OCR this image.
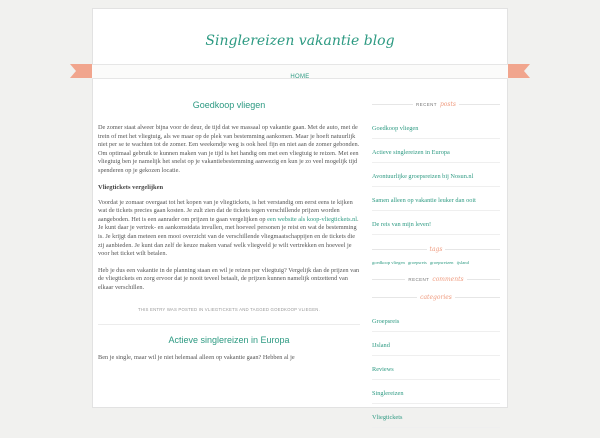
Singlereizen vakantie blog
HOME
Goedkoop vliegen

De zomer staat alweer bijna voor de deur, de tijd dat we massaal op vakantie gaan. Met de auto, met de trein of met het vliegtuig, als we maar op de plek van bestemming aankomen. Maar je hoeft natuurlijk niet per se te wachten tot de zomer. Een weekendje weg is ook heel fijn en niet aan de zomer gebonden. Om optimaal gebruik te kunnen maken van je tijd is het handig om met een vliegtuig te reizen. Met een vliegtuig ben je namelijk het snelst op je vakantiebestemming aanwezig en kun je zo veel mogelijk tijd spenderen op je gekozen locatie.

Vliegtickets vergelijken

Voordat je zomaar overgaat tot het kopen van je vliegtickets, is het verstandig om eerst eens te kijken wat de tickets precies gaan kosten. Je zult zien dat de tickets tegen verschillende prijzen worden aangeboden. Het is een aanrader om prijzen te gaan vergelijken op een website als koop-vliegtickets.nl. Je kunt daar je vertrek- en aankomstdata invullen, met hoeveel personen je reist en wat de bestemming is. Je krijgt dan meteen een mooi overzicht van de verschillende vliegmaatschappijen en de tickets die zij aanbieden. Je kunt dan zelf de keuze maken vanaf welk vliegveld je wilt vertrekken en hoeveel je voor het ticket wilt betalen.

Heb je dus een vakantie in de planning staan en wil je reizen per vliegtuig? Vergelijk dan de prijzen van de vliegtickets en zorg ervoor dat je nooit teveel betaalt, de prijzen kunnen namelijk ontzettend van elkaar verschillen.

THIS ENTRY WAS POSTED IN VLIEGTICKETS AND TAGGED GOEDKOOP VLIEGEN.
Actieve singlereizen in Europa

Ben je single, maar wil je niet helemaal alleen op vakantie gaan? Hebben al je

RECENT posts
Goedkoop vliegen
Actieve singlereizen in Europa
Avontuurlijke groepsreizen bij Nosun.nl
Samen alleen op vakantie leuker dan ooit
De reis van mijn leven!
tags
goedkoop vliegen groepsreis groepsreizen ijsland
RECENT comments
categories
Groepsreis
IJsland
Reviews
Singlereizen
Vliegtickets
